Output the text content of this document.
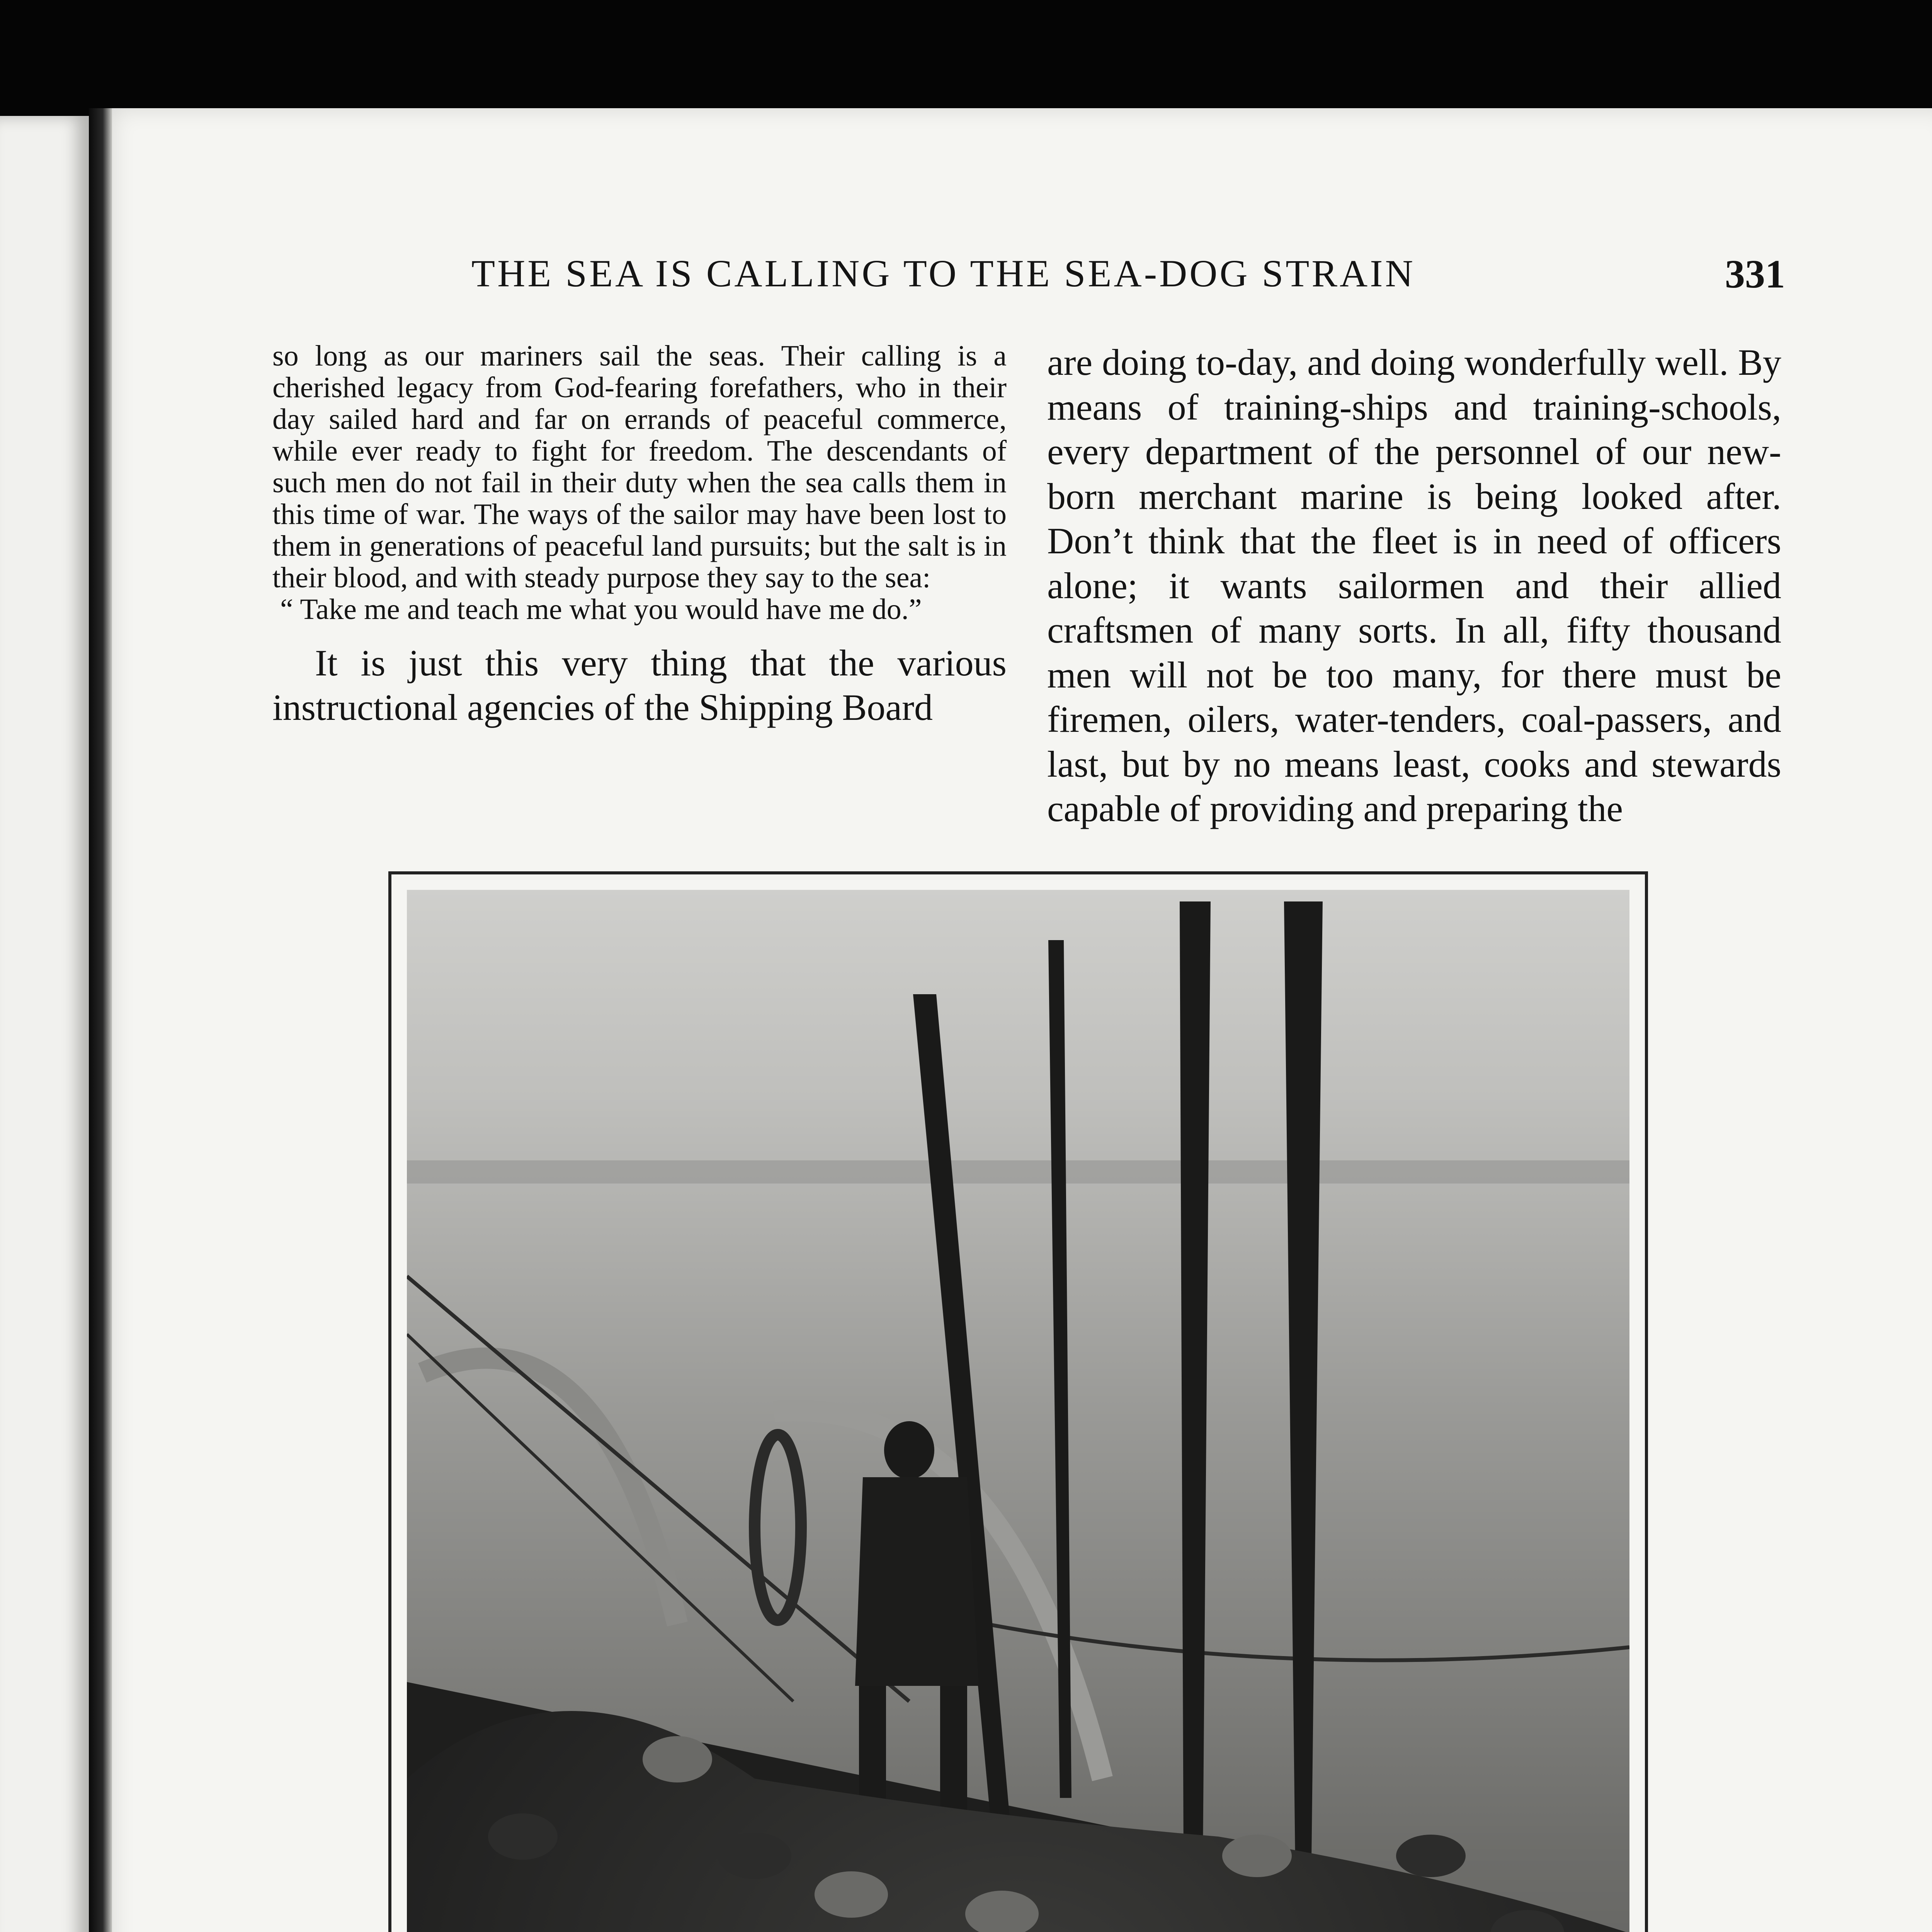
THE SEA IS CALLING TO THE SEA-DOG STRAIN	331

so long as our mariners sail the seas. Their calling is a cherished legacy from God-fearing forefathers, who in their day sailed hard and far on errands of peaceful commerce, while ever ready to fight for freedom. The descendants of such men do not fail in their duty when the sea calls them in this time of war. The ways of the sailor may have been lost to them in generations of peaceful land pursuits; but the salt is in their blood, and with steady purpose they say to the sea:

“ Take me and teach me what you would have me do.”

It is just this very thing that the various instructional agencies of the Shipping Board

are doing to-day, and doing wonderfully well. By means of training-ships and training-schools, every department of the personnel of our new-born merchant marine is being looked after. Don’t think that the fleet is in need of officers alone; it wants sailormen and their allied craftsmen of many sorts. In all, fifty thousand men will not be too many, for there must be firemen, oilers, water-tenders, coal-passers, and last, but by no means least, cooks and stewards capable of providing and preparing the
